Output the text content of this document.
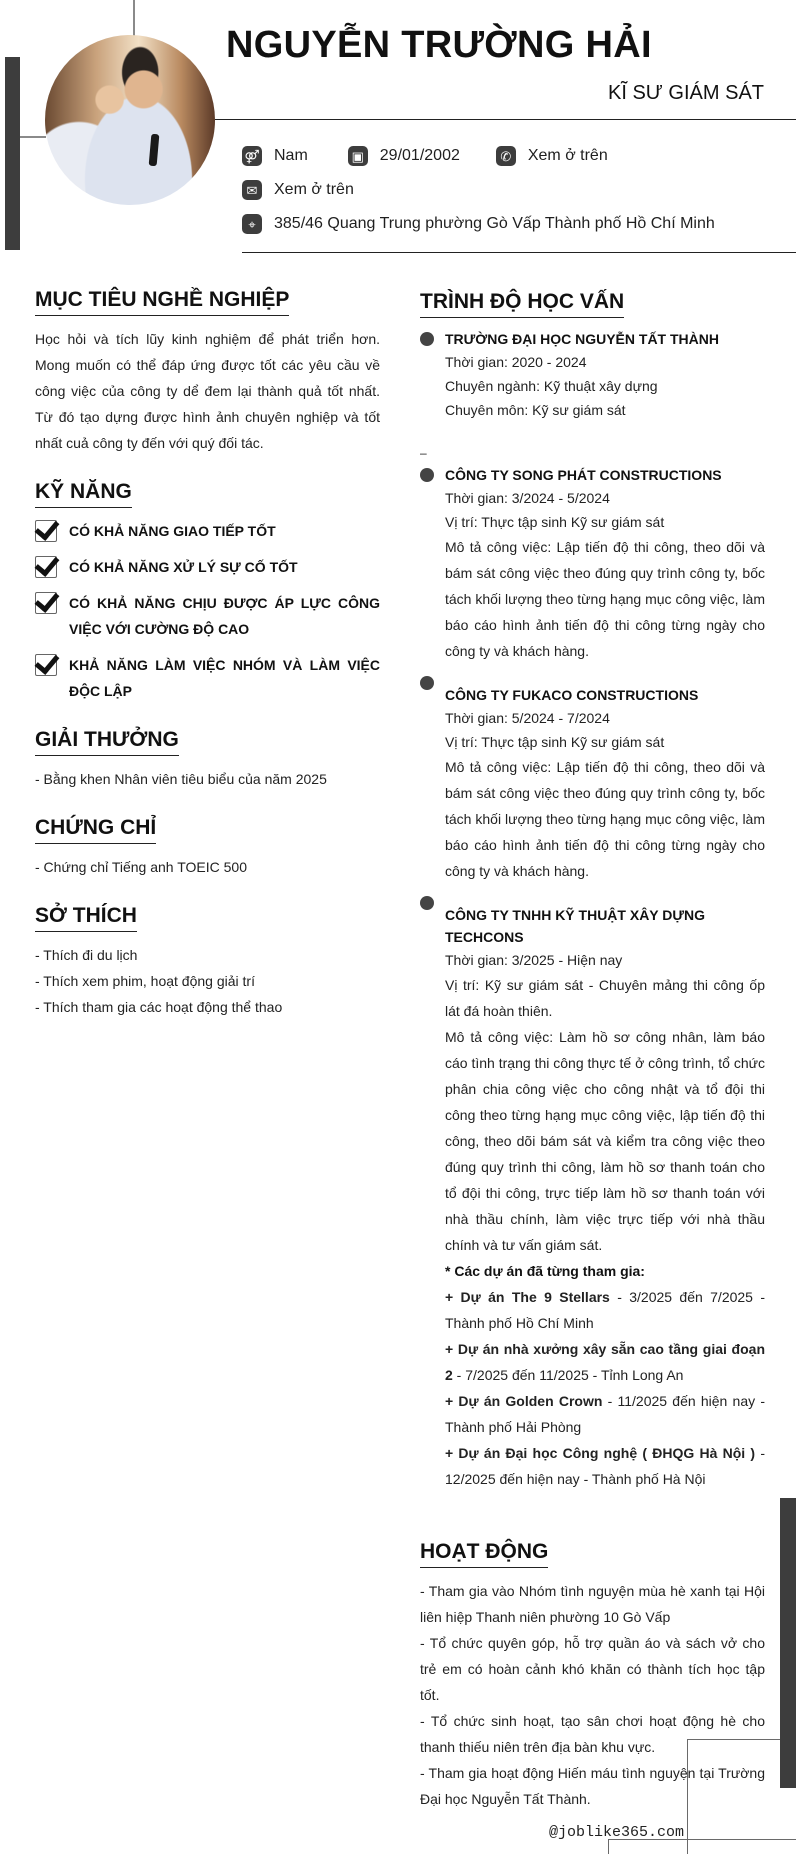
NGUYỄN TRƯỜNG HẢI
KĨ SƯ GIÁM SÁT
⚤ Nam	▣ 29/01/2002	✆ Xem ở trên
✉ Xem ở trên
⌖	385/46 Quang Trung phường Gò Vấp Thành phố Hồ Chí Minh
MỤC TIÊU NGHỀ NGHIỆP

Học hỏi và tích lũy kinh nghiệm để phát triển hơn. Mong muốn có thể đáp ứng được tốt các yêu cầu về công việc của công ty dể đem lại thành quả tốt nhất. Từ đó tạo dựng được hình ảnh chuyên nghiệp và tốt nhất cuả công ty đến với quý đối tác.

KỸ NĂNG
CÓ KHẢ NĂNG GIAO TIẾP TỐT
CÓ KHẢ NĂNG XỬ LÝ SỰ CỐ TỐT
CÓ KHẢ NĂNG CHỊU ĐƯỢC ÁP LỰC CÔNG VIỆC VỚI CƯỜNG ĐỘ CAO
KHẢ NĂNG LÀM VIỆC NHÓM VÀ LÀM VIỆC ĐỘC LẬP
GIẢI THƯỞNG
- Bằng khen Nhân viên tiêu biểu của năm 2025
CHỨNG CHỈ
- Chứng chỉ Tiếng anh TOEIC 500
SỞ THÍCH
- Thích đi du lịch
- Thích xem phim, hoạt động giải trí
- Thích tham gia các hoạt động thể thao
TRÌNH ĐỘ HỌC VẤN
TRƯỜNG ĐẠI HỌC NGUYỄN TẤT THÀNH
Thời gian: 2020 - 2024
Chuyên ngành: Kỹ thuật xây dựng
Chuyên môn: Kỹ sư giám sát
–
CÔNG TY SONG PHÁT CONSTRUCTIONS
Thời gian: 3/2024 - 5/2024
Vị trí: Thực tập sinh Kỹ sư giám sát
Mô tả công việc: Lập tiến độ thi công, theo dõi và bám sát công việc theo đúng quy trình công ty, bốc tách khối lượng theo từng hạng mục công việc, làm báo cáo hình ảnh tiến độ thi công từng ngày cho công ty và khách hàng.
CÔNG TY FUKACO CONSTRUCTIONS
Thời gian: 5/2024 - 7/2024
Vị trí: Thực tập sinh Kỹ sư giám sát
Mô tả công việc: Lập tiến độ thi công, theo dõi và bám sát công việc theo đúng quy trình công ty, bốc tách khối lượng theo từng hạng mục công việc, làm báo cáo hình ảnh tiến độ thi công từng ngày cho công ty và khách hàng.
CÔNG TY TNHH KỸ THUẬT XÂY DỰNG TECHCONS
Thời gian: 3/2025 - Hiện nay
Vị trí: Kỹ sư giám sát - Chuyên mảng thi công ốp lát đá hoàn thiên.
Mô tả công việc: Làm hồ sơ công nhân, làm báo cáo tình trạng thi công thực tế ở công trình, tổ chức phân chia công việc cho công nhật và tổ đội thi công theo từng hạng mục công việc, lập tiến độ thi công, theo dõi bám sát và kiểm tra công việc theo đúng quy trình thi công, làm hồ sơ thanh toán cho tổ đội thi công, trực tiếp làm hồ sơ thanh toán với nhà thầu chính, làm việc trực tiếp với nhà thầu chính và tư vấn giám sát.
* Các dự án đã từng tham gia:
+ Dự án The 9 Stellars - 3/2025 đến 7/2025 - Thành phố Hồ Chí Minh
+ Dự án nhà xưởng xây sẵn cao tầng giai đoạn 2 - 7/2025 đến 11/2025 - Tỉnh Long An
+ Dự án Golden Crown - 11/2025 đến hiện nay - Thành phố Hải Phòng
+ Dự án Đại học Công nghệ ( ĐHQG Hà Nội ) - 12/2025 đến hiện nay - Thành phố Hà Nội
HOẠT ĐỘNG
- Tham gia vào Nhóm tình nguyện mùa hè xanh tại Hội liên hiệp Thanh niên phường 10 Gò Vấp
- Tổ chức quyên góp, hỗ trợ quần áo và sách vở cho trẻ em có hoàn cảnh khó khăn có thành tích học tập tốt.
- Tổ chức sinh hoạt, tạo sân chơi hoạt động hè cho thanh thiếu niên trên địa bàn khu vực.
- Tham gia hoạt động Hiến máu tình nguyện tại Trường Đại học Nguyễn Tất Thành.
@joblike365.com
